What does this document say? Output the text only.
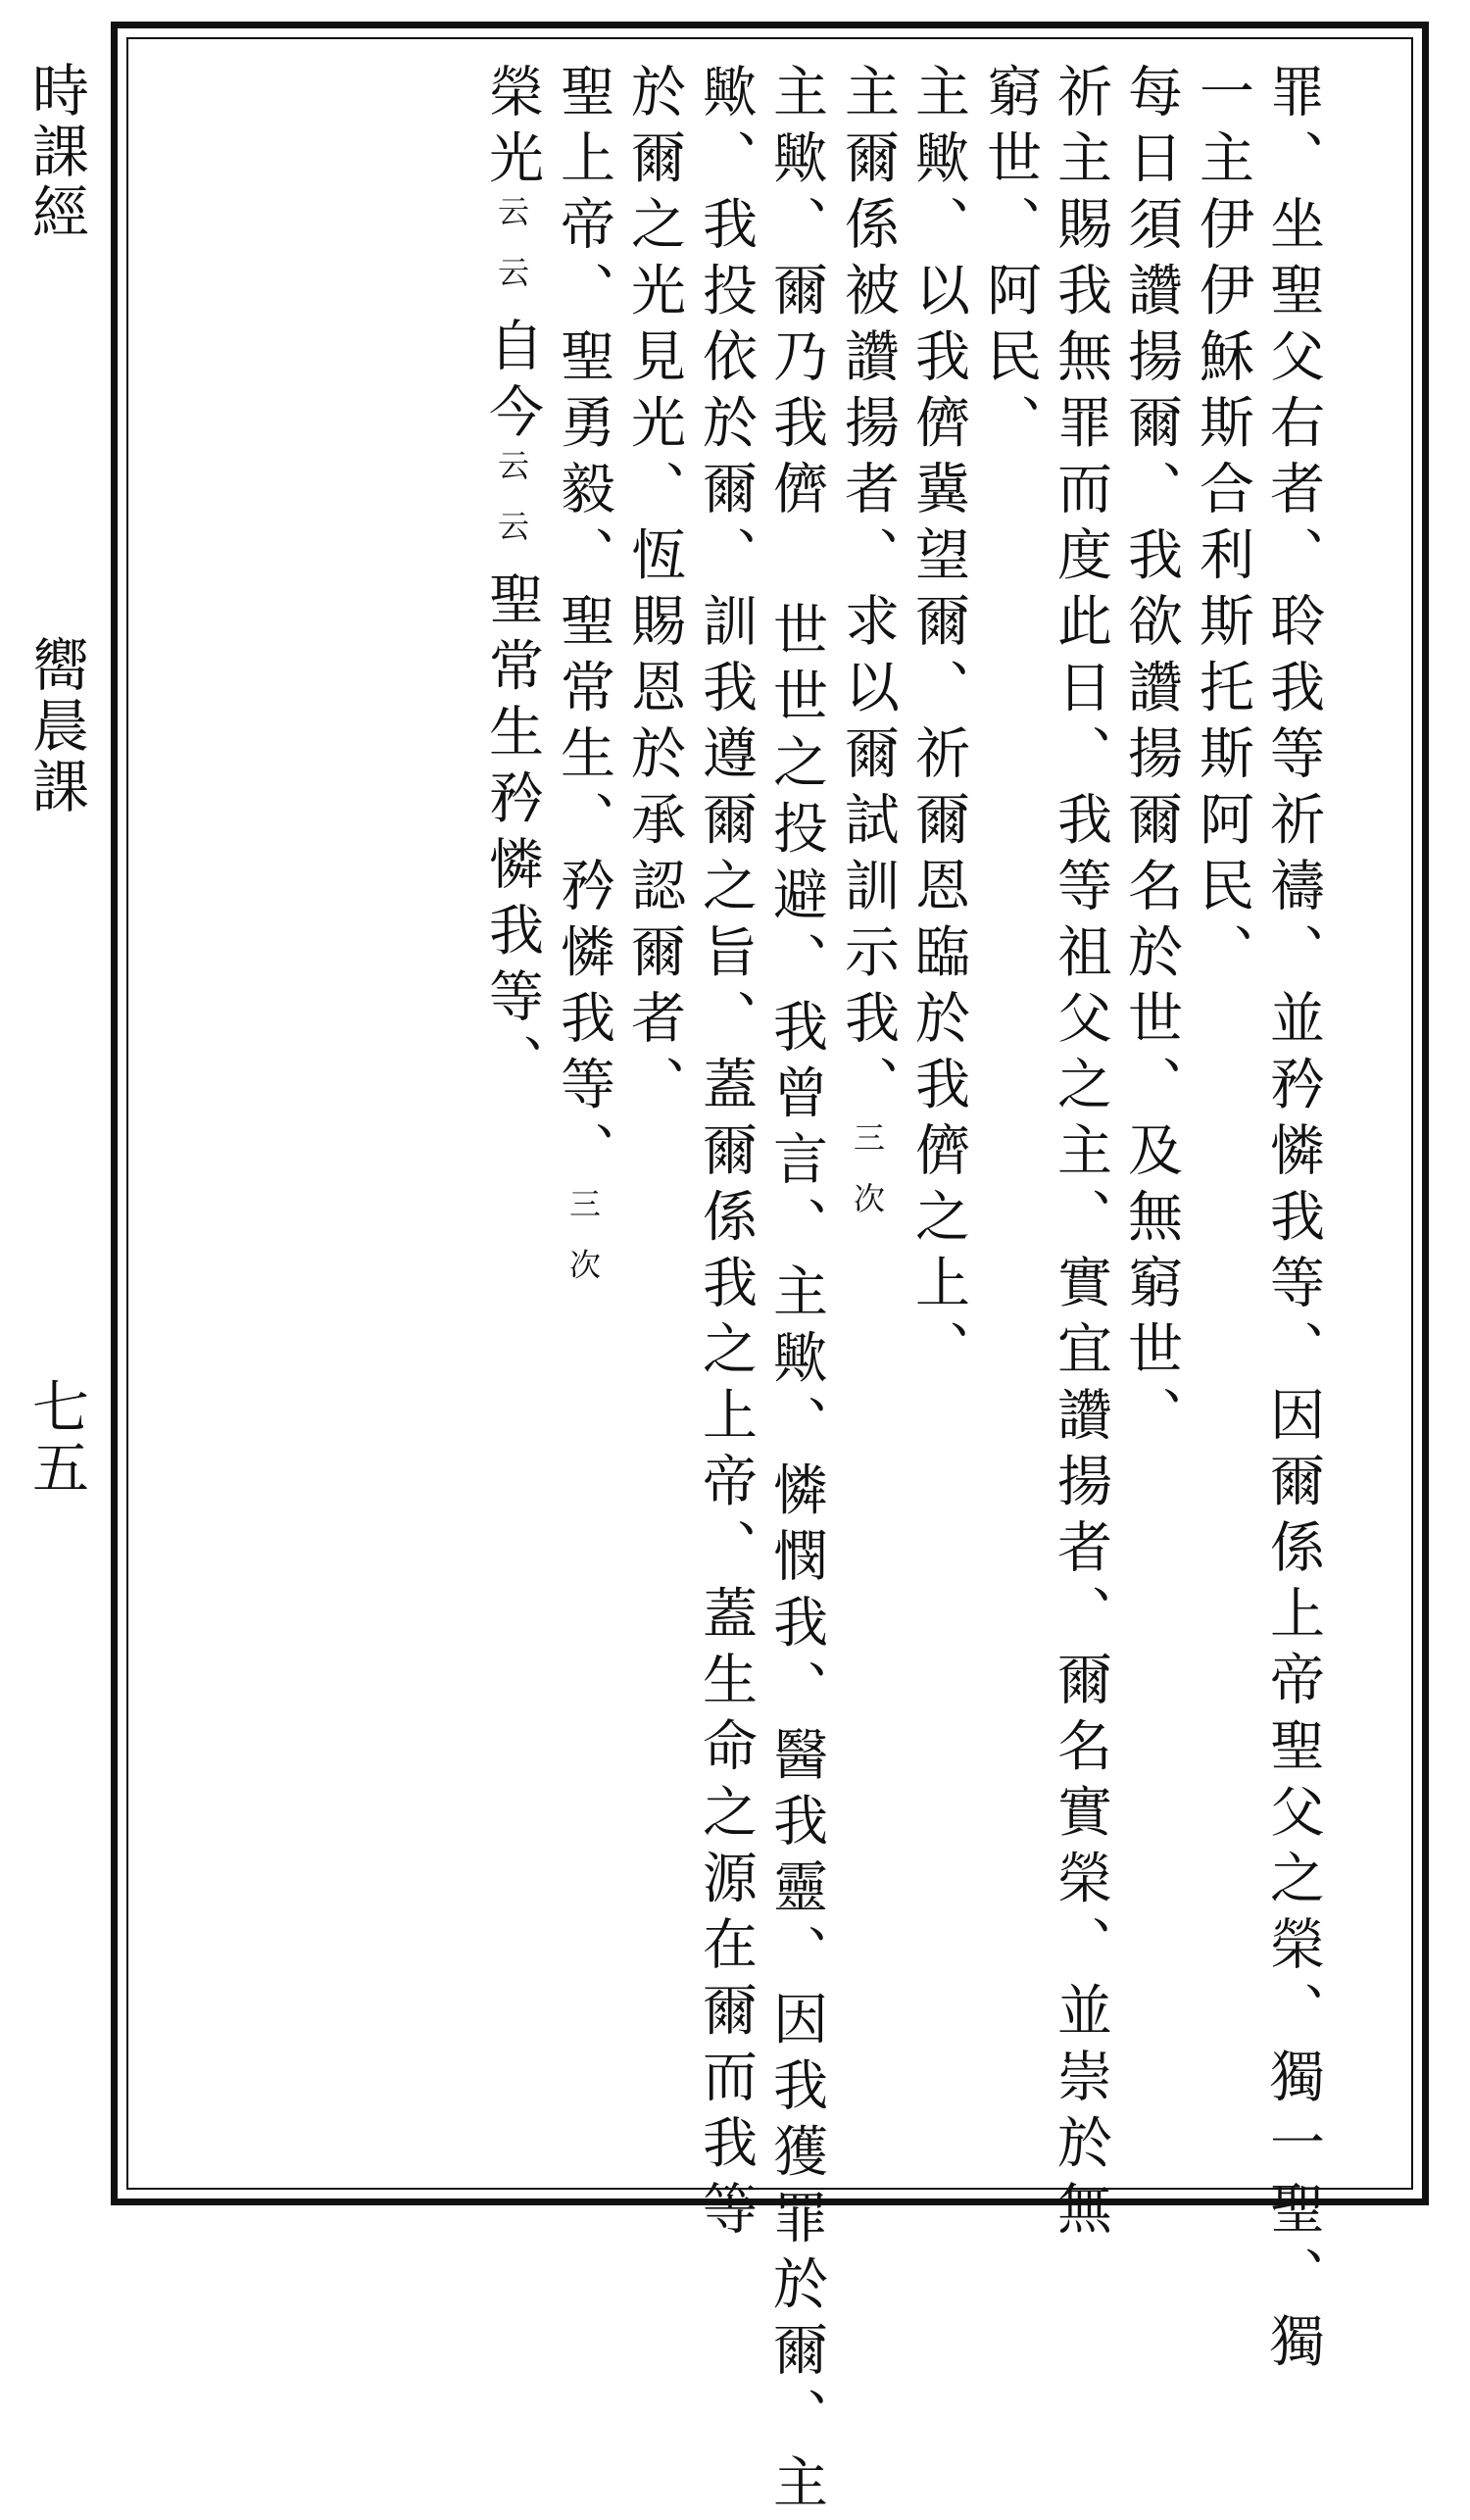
時課經
嚮晨課
七五	罪、坐聖父右者、聆我等祈禱、並矜憐我等、因爾係上帝聖父之榮、獨一聖、獨
一主伊伊穌斯合利斯托斯阿民、
每日須讚揚爾、我欲讚揚爾名於世、及無窮世、
祈主賜我無罪而度此日、我等祖父之主、實宜讚揚者、爾名實榮、並崇於無
窮世、阿民、
主歟、以我儕冀望爾、祈爾恩臨於我儕之上、
主爾係被讚揚者、求以爾試訓示我、三次
主歟、爾乃我儕 世世之投避、我曾言、主歟、憐憫我、醫我靈、因我獲罪於爾、主
歟、我投依於爾、訓我遵爾之旨、蓋爾係我之上帝、蓋生命之源在爾而我等
於爾之光見光、恆賜恩於承認爾者、
聖上帝、聖勇毅、聖常生、矜憐我等、三次
榮光云云自今云云聖常生矜憐我等、
